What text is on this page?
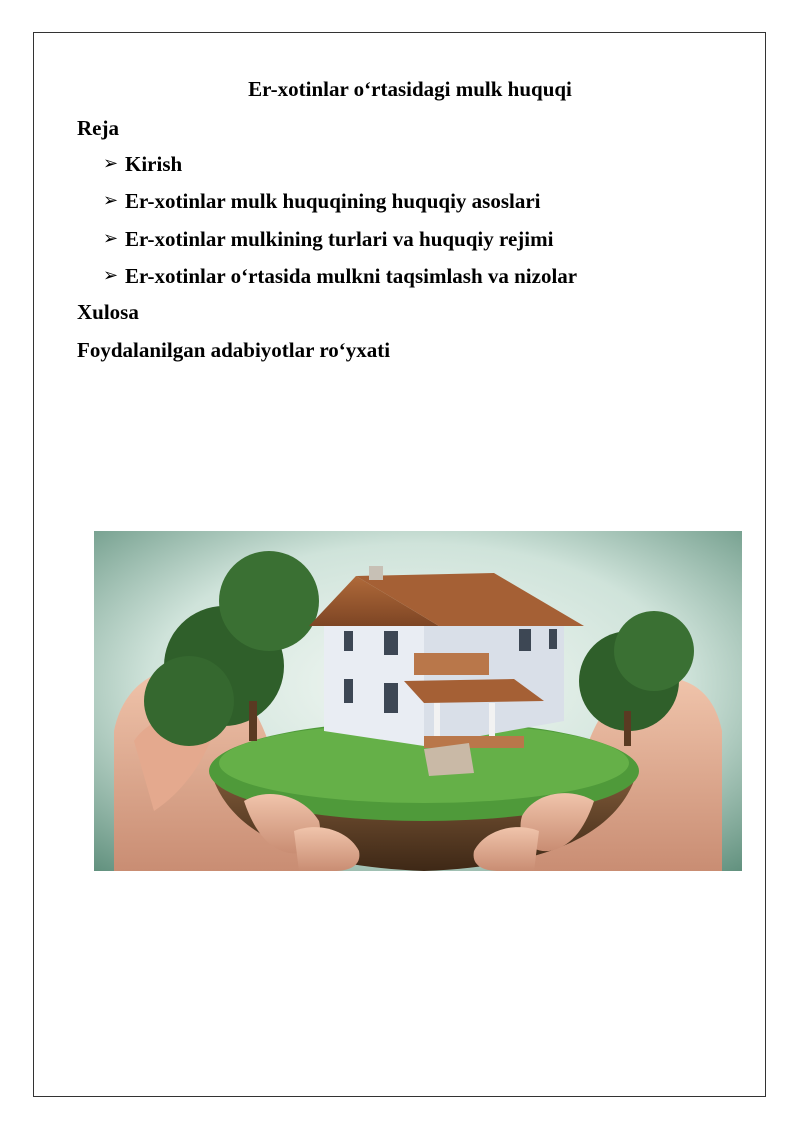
Er-xotinlar o‘rtasidagi mulk huquqi
Reja
➢ Kirish
➢ Er-xotinlar mulk huquqining huquqiy asoslari
➢ Er-xotinlar mulkining turlari va huquqiy rejimi
➢ Er-xotinlar o‘rtasida mulkni taqsimlash va nizolar
Xulosa
Foydalanilgan adabiyotlar ro‘yxati
